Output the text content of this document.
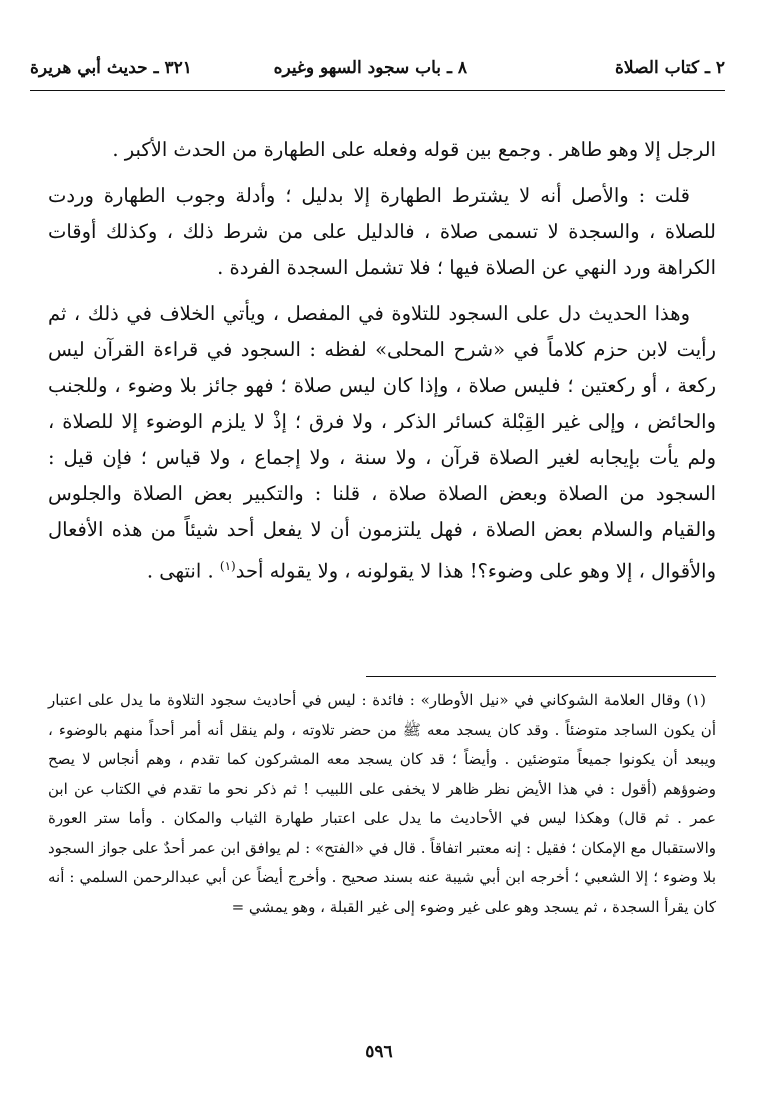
٢ ـ كتاب الصلاة
٨ ـ باب سجود السهو وغيره
٣٢١ ـ حديث أبي هريرة

الرجل إلا وهو طاهر . وجمع بين قوله وفعله على الطهارة من الحدث الأكبر .

قلت : والأصل أنه لا يشترط الطهارة إلا بدليل ؛ وأدلة وجوب الطهارة وردت للصلاة ، والسجدة لا تسمى صلاة ، فالدليل على من شرط ذلك ، وكذلك أوقات الكراهة ورد النهي عن الصلاة فيها ؛ فلا تشمل السجدة الفردة .

وهذا الحديث دل على السجود للتلاوة في المفصل ، ويأتي الخلاف في ذلك ، ثم رأيت لابن حزم كلاماً في «شرح المحلى» لفظه : السجود في قراءة القرآن ليس ركعة ، أو ركعتين ؛ فليس صلاة ، وإذا كان ليس صلاة ؛ فهو جائز بلا وضوء ، وللجنب والحائض ، وإلى غير القِبْلة كسائر الذكر ، ولا فرق ؛ إذْ لا يلزم الوضوء إلا للصلاة ، ولم يأت بإيجابه لغير الصلاة قرآن ، ولا سنة ، ولا إجماع ، ولا قياس ؛ فإن قيل : السجود من الصلاة وبعض الصلاة صلاة ، قلنا : والتكبير بعض الصلاة والجلوس والقيام والسلام بعض الصلاة ، فهل يلتزمون أن لا يفعل أحد شيئاً من هذه الأفعال والأقوال ، إلا وهو على وضوء؟! هذا لا يقولونه ، ولا يقوله أحد$^{(١)}$ . انتهى .

(١) وقال العلامة الشوكاني في «نيل الأوطار» : فائدة : ليس في أحاديث سجود التلاوة ما يدل على اعتبار أن يكون الساجد متوضئاً . وقد كان يسجد معه ﷺ من حضر تلاوته ، ولم ينقل أنه أمر أحداً منهم بالوضوء ، ويبعد أن يكونوا جميعاً متوضئين . وأيضاً ؛ قد كان يسجد معه المشركون كما تقدم ، وهم أنجاس لا يصح وضوؤهم (أقول : في هذا الأيض نظر ظاهر لا يخفى على اللبيب ! ثم ذكر نحو ما تقدم في الكتاب عن ابن عمر . ثم قال) وهكذا ليس في الأحاديث ما يدل على اعتبار طهارة الثياب والمكان . وأما ستر العورة والاستقبال مع الإمكان ؛ فقيل : إنه معتبر اتفاقاً . قال في «الفتح» : لم يوافق ابن عمر أحدٌ على جواز السجود بلا وضوء ؛ إلا الشعبي ؛ أخرجه ابن أبي شيبة عنه بسند صحيح . وأخرج أيضاً عن أبي عبدالرحمن السلمي : أنه كان يقرأ السجدة ، ثم يسجد وهو على غير وضوء إلى غير القبلة ، وهو يمشي =

٥٩٦
